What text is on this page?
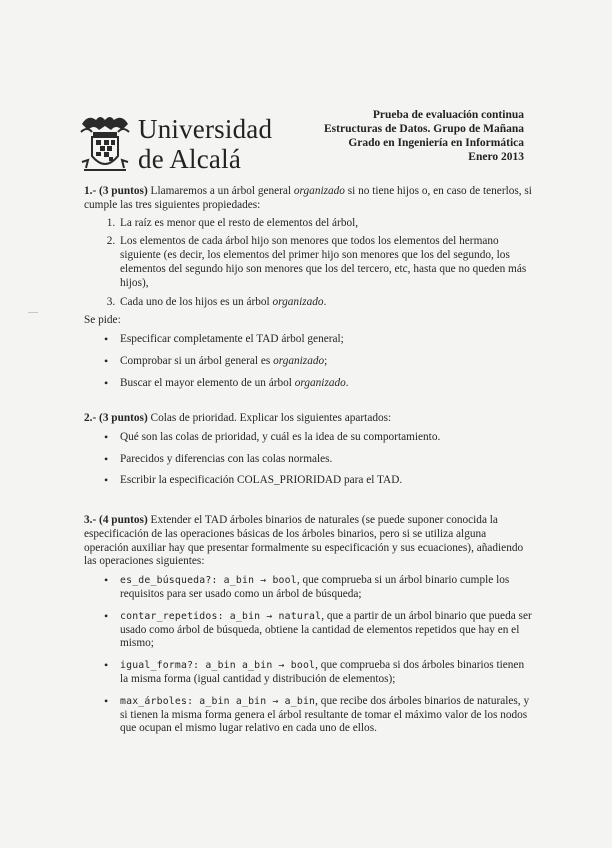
Universidad
de Alcalá
Prueba de evaluación continua
Estructuras de Datos. Grupo de Mañana
Grado en Ingeniería en Informática
Enero 2013

1.- (3 puntos) Llamaremos a un árbol general organizado si no tiene hijos o, en caso de tenerlos, si cumple las tres siguientes propiedades:

1. La raíz es menor que el resto de elementos del árbol,
2. Los elementos de cada árbol hijo son menores que todos los elementos del hermano siguiente (es decir, los elementos del primer hijo son menores que los del segundo, los elementos del segundo hijo son menores que los del tercero, etc, hasta que no queden más hijos),
3. Cada uno de los hijos es un árbol organizado.

Se pide:

• Especificar completamente el TAD árbol general;
• Comprobar si un árbol general es organizado;
• Buscar el mayor elemento de un árbol organizado.

2.- (3 puntos) Colas de prioridad. Explicar los siguientes apartados:

• Qué son las colas de prioridad, y cuál es la idea de su comportamiento.
• Parecidos y diferencias con las colas normales.
• Escribir la especificación COLAS_PRIORIDAD para el TAD.

3.- (4 puntos) Extender el TAD árboles binarios de naturales (se puede suponer conocida la especificación de las operaciones básicas de los árboles binarios, pero si se utiliza alguna operación auxiliar hay que presentar formalmente su especificación y sus ecuaciones), añadiendo las operaciones siguientes:

• es_de_búsqueda?: a_bin → bool, que comprueba si un árbol binario cumple los requisitos para ser usado como un árbol de búsqueda;
• contar_repetidos: a_bin → natural, que a partir de un árbol binario que pueda ser usado como árbol de búsqueda, obtiene la cantidad de elementos repetidos que hay en el mismo;
• igual_forma?: a_bin a_bin → bool, que comprueba si dos árboles binarios tienen la misma forma (igual cantidad y distribución de elementos);
• max_árboles: a_bin a_bin → a_bin, que recibe dos árboles binarios de naturales, y si tienen la misma forma genera el árbol resultante de tomar el máximo valor de los nodos que ocupan el mismo lugar relativo en cada uno de ellos.
